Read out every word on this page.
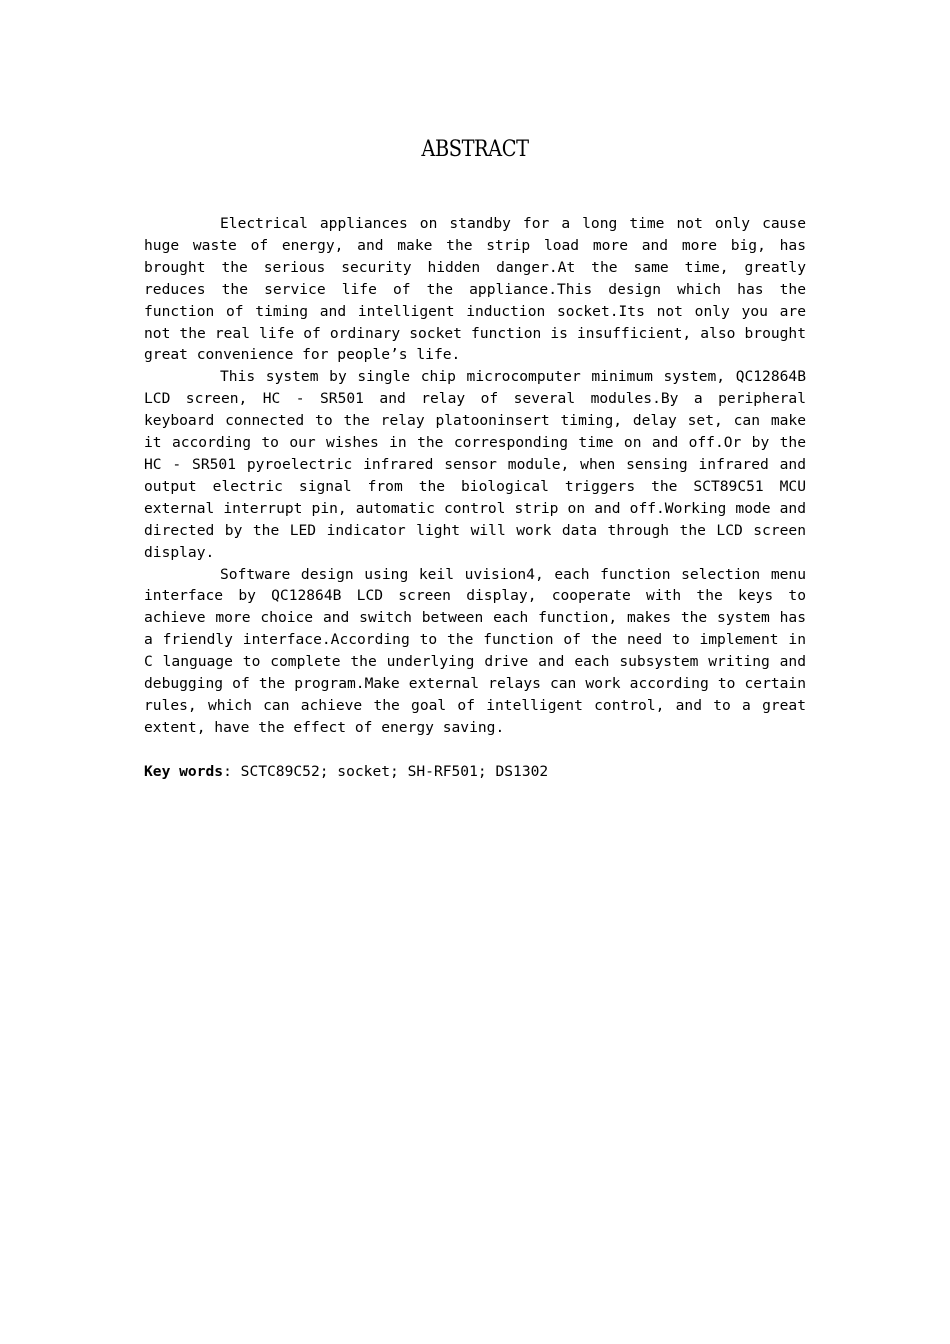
ABSTRACT

Electrical appliances on standby for a long time not only cause huge waste of energy, and make the strip load more and more big, has brought the serious security hidden danger.At the same time, greatly reduces the service life of the appliance.This design which has the function of timing and intelligent induction socket.Its not only you are not the real life of ordinary socket function is insufficient, also brought great convenience for people’s life.

This system by single chip microcomputer minimum system, QC12864B LCD screen, HC - SR501 and relay of several modules.By a peripheral keyboard connected to the relay platooninsert timing, delay set, can make it according to our wishes in the corresponding time on and off.Or by the HC - SR501 pyroelectric infrared sensor module, when sensing infrared and output electric signal from the biological triggers the SCT89C51 MCU external interrupt pin, automatic control strip on and off.Working mode and directed by the LED indicator light will work data through the LCD screen display.

Software design using keil uvision4, each function selection menu interface by QC12864B LCD screen display, cooperate with the keys to achieve more choice and switch between each function, makes the system has a friendly interface.According to the function of the need to implement in C language to complete the underlying drive and each subsystem writing and debugging of the program.Make external relays can work according to certain rules, which can achieve the goal of intelligent control, and to a great extent, have the effect of energy saving.

Key words: SCTC89C52; socket; SH-RF501; DS1302
